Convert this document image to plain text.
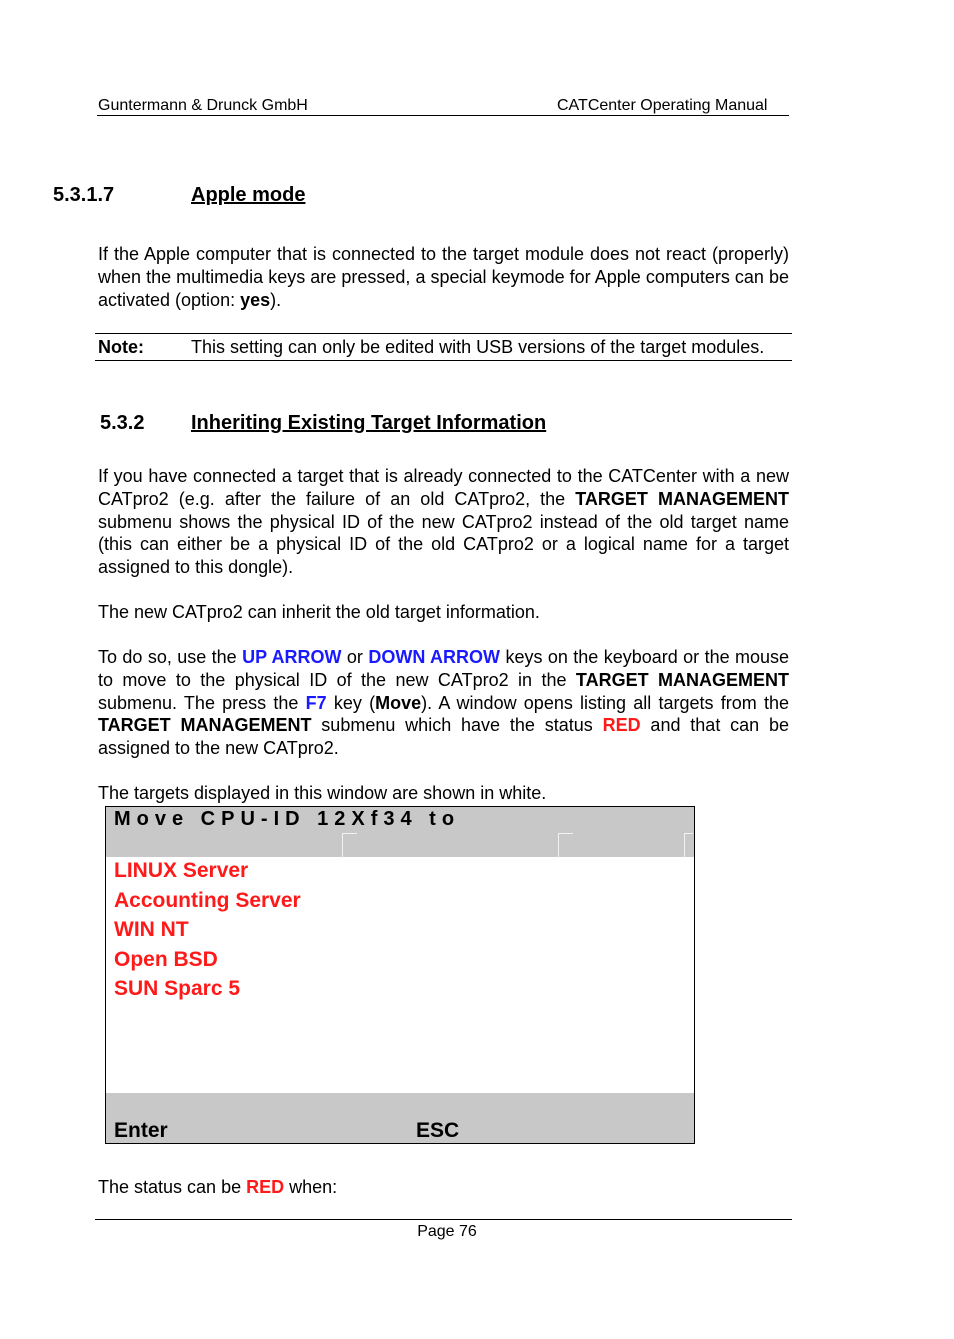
Guntermann & Drunck GmbH	CATCenter Operating Manual
5.3.1.7	Apple mode
If the Apple computer that is connected to the target module does not react (properly) when the multimedia keys are pressed, a special keymode for Apple computers can be activated (option: yes).
Note:	This setting can only be edited with USB versions of the target modules.
5.3.2 Inheriting Existing Target Information
If you have connected a target that is already connected to the CATCenter with a new CATpro2 (e.g. after the failure of an old CATpro2, the TARGET MANAGEMENT submenu shows the physical ID of the new CATpro2 instead of the old target name (this can either be a physical ID of the old CATpro2 or a logical name for a target assigned to this dongle).
The new CATpro2 can inherit the old target information.
To do so, use the UP ARROW or DOWN ARROW keys on the keyboard or the mouse to move to the physical ID of the new CATpro2 in the TARGET MANAGEMENT submenu. The press the F7 key (Move). A window opens listing all targets from the TARGET MANAGEMENT submenu which have the status RED and that can be assigned to the new CATpro2.
The targets displayed in this window are shown in white.
Move CPU-ID 12Xf34 to
LINUX Server
Accounting Server
WIN NT
Open BSD
SUN Sparc 5
Enter	ESC
The status can be RED when:
Page 76
